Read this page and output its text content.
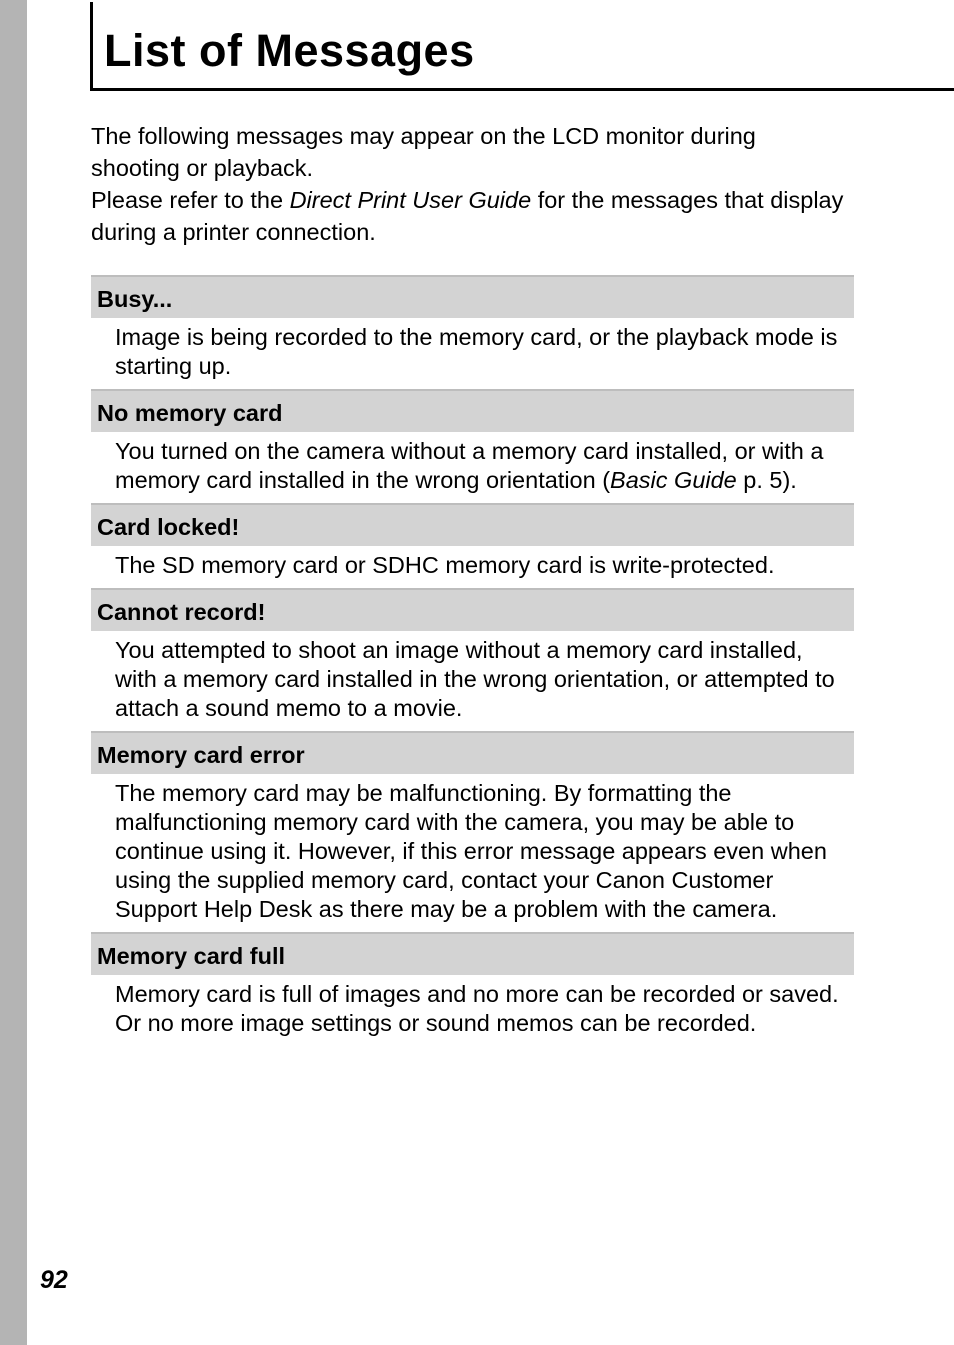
List of Messages

The following messages may appear on the LCD monitor during shooting or playback.

Please refer to the Direct Print User Guide for the messages that display during a printer connection.

Busy...
Image is being recorded to the memory card, or the playback mode is starting up.
No memory card
You turned on the camera without a memory card installed, or with a memory card installed in the wrong orientation (Basic Guide p. 5).
Card locked!
The SD memory card or SDHC memory card is write-protected.
Cannot record!
You attempted to shoot an image without a memory card installed, with a memory card installed in the wrong orientation, or attempted to attach a sound memo to a movie.
Memory card error
The memory card may be malfunctioning. By formatting the malfunctioning memory card with the camera, you may be able to continue using it. However, if this error message appears even when using the supplied memory card, contact your Canon Customer Support Help Desk as there may be a problem with the camera.
Memory card full
Memory card is full of images and no more can be recorded or saved. Or no more image settings or sound memos can be recorded.
92
